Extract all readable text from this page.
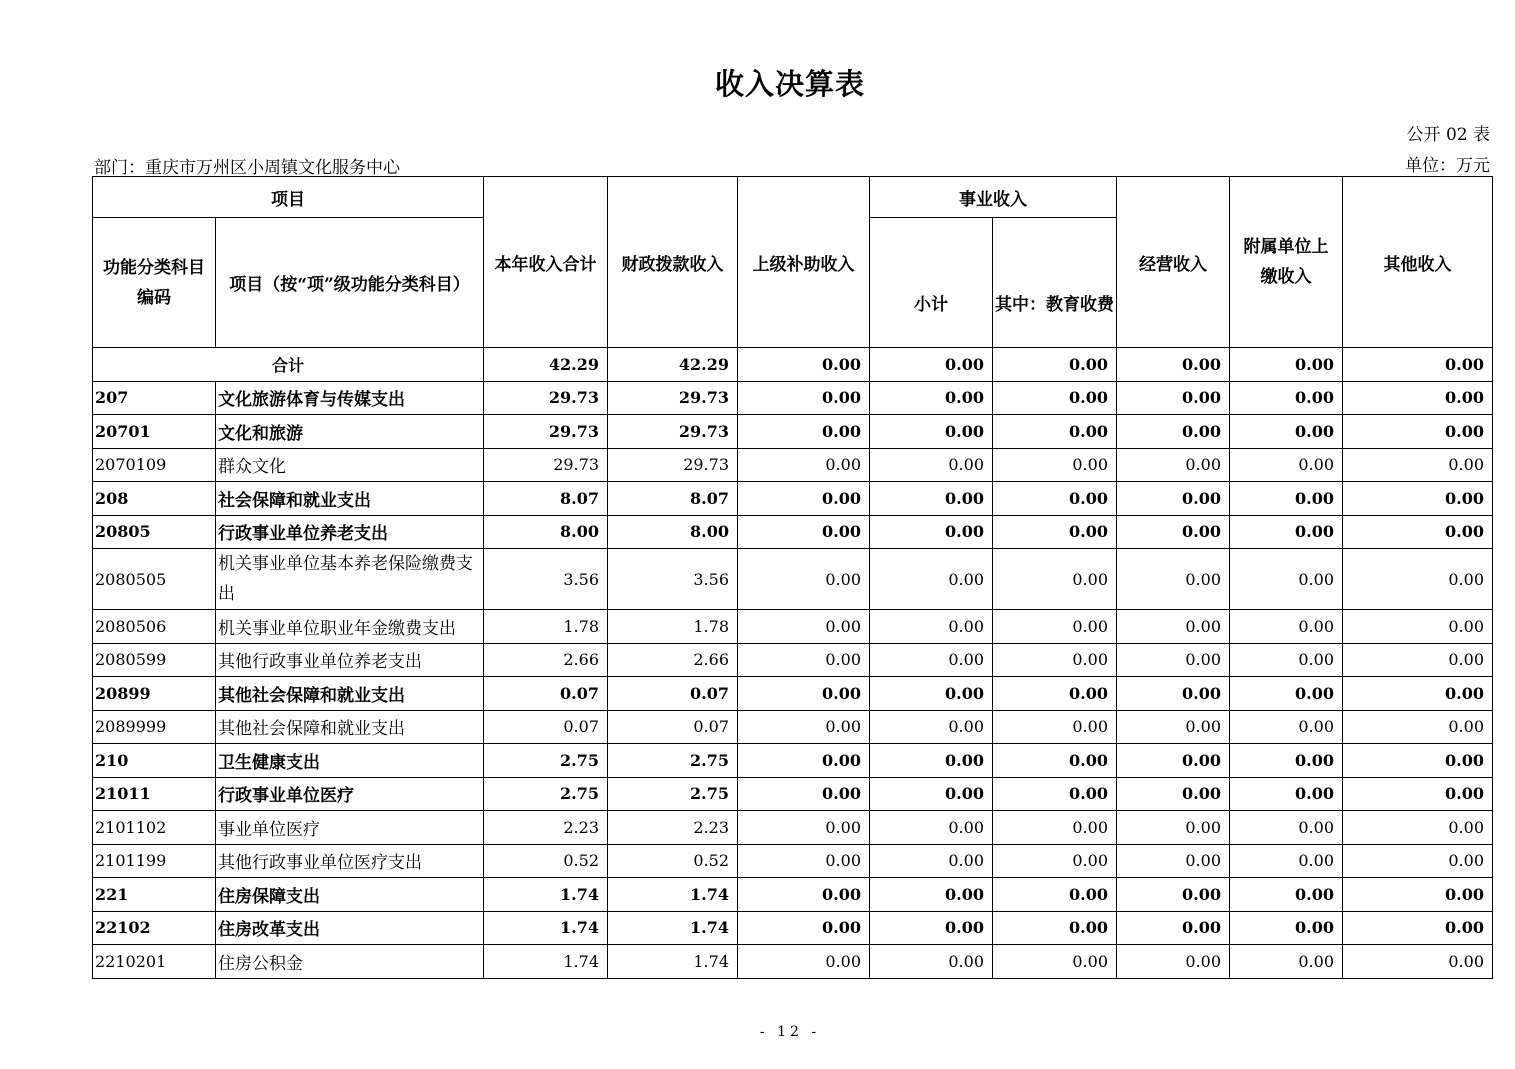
收入决算表
公开 02 表
部门：重庆市万州区小周镇文化服务中心	单位：万元
项目		本年收入合计	财政拨款收入	上级补助收入	事业收入		经营收入	附属单位上缴收入	其他收入
功能分类科目编码	项目（按“项”级功能分类科目）				小计	其中：教育收费			
合计		42.29	42.29	0.00	0.00	0.00	0.00	0.00	0.00
207	文化旅游体育与传媒支出	29.73	29.73	0.00	0.00	0.00	0.00	0.00	0.00
20701	文化和旅游	29.73	29.73	0.00	0.00	0.00	0.00	0.00	0.00
2070109	群众文化	29.73	29.73	0.00	0.00	0.00	0.00	0.00	0.00
208	社会保障和就业支出	8.07	8.07	0.00	0.00	0.00	0.00	0.00	0.00
20805	行政事业单位养老支出	8.00	8.00	0.00	0.00	0.00	0.00	0.00	0.00
2080505	机关事业单位基本养老保险缴费支出	3.56	3.56	0.00	0.00	0.00	0.00	0.00	0.00
2080506	机关事业单位职业年金缴费支出	1.78	1.78	0.00	0.00	0.00	0.00	0.00	0.00
2080599	其他行政事业单位养老支出	2.66	2.66	0.00	0.00	0.00	0.00	0.00	0.00
20899	其他社会保障和就业支出	0.07	0.07	0.00	0.00	0.00	0.00	0.00	0.00
2089999	其他社会保障和就业支出	0.07	0.07	0.00	0.00	0.00	0.00	0.00	0.00
210	卫生健康支出	2.75	2.75	0.00	0.00	0.00	0.00	0.00	0.00
21011	行政事业单位医疗	2.75	2.75	0.00	0.00	0.00	0.00	0.00	0.00
2101102	事业单位医疗	2.23	2.23	0.00	0.00	0.00	0.00	0.00	0.00
2101199	其他行政事业单位医疗支出	0.52	0.52	0.00	0.00	0.00	0.00	0.00	0.00
221	住房保障支出	1.74	1.74	0.00	0.00	0.00	0.00	0.00	0.00
22102	住房改革支出	1.74	1.74	0.00	0.00	0.00	0.00	0.00	0.00
2210201	住房公积金	1.74	1.74	0.00	0.00	0.00	0.00	0.00	0.00
- 12 -
